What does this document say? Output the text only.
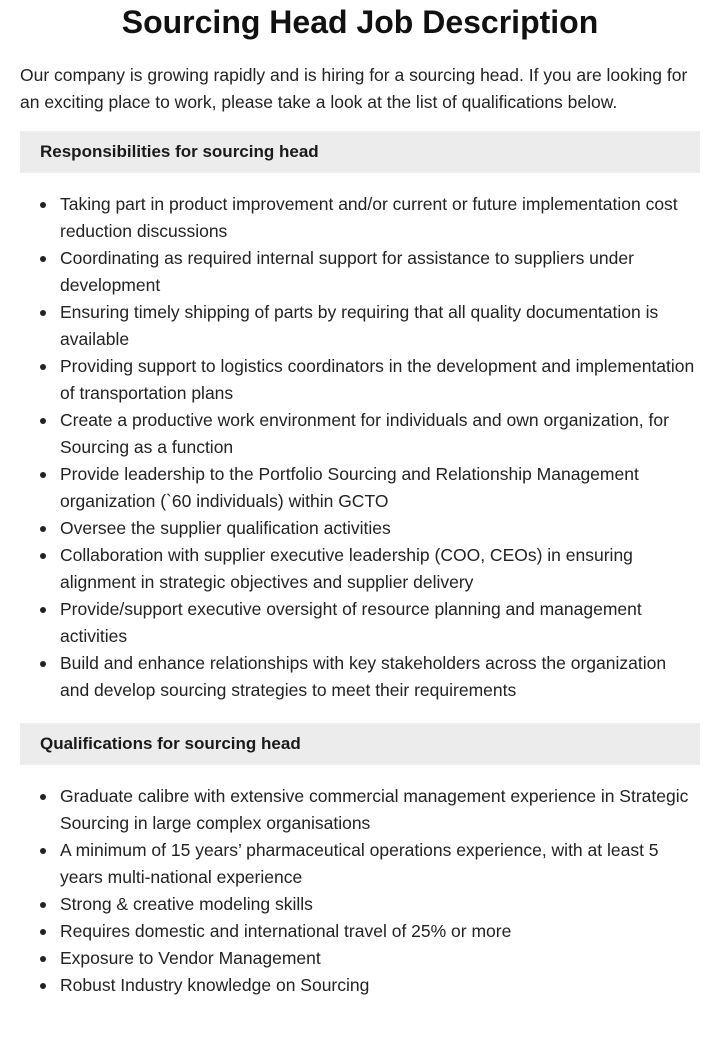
Sourcing Head Job Description

Our company is growing rapidly and is hiring for a sourcing head. If you are looking for an exciting place to work, please take a look at the list of qualifications below.

Responsibilities for sourcing head
Taking part in product improvement and/or current or future implementation cost reduction discussions
Coordinating as required internal support for assistance to suppliers under development
Ensuring timely shipping of parts by requiring that all quality documentation is available
Providing support to logistics coordinators in the development and implementation of transportation plans
Create a productive work environment for individuals and own organization, for Sourcing as a function
Provide leadership to the Portfolio Sourcing and Relationship Management organization (`60 individuals) within GCTO
Oversee the supplier qualification activities
Collaboration with supplier executive leadership (COO, CEOs) in ensuring alignment in strategic objectives and supplier delivery
Provide/support executive oversight of resource planning and management activities
Build and enhance relationships with key stakeholders across the organization and develop sourcing strategies to meet their requirements
Qualifications for sourcing head
Graduate calibre with extensive commercial management experience in Strategic Sourcing in large complex organisations
A minimum of 15 years’ pharmaceutical operations experience, with at least 5 years multi-national experience
Strong & creative modeling skills
Requires domestic and international travel of 25% or more
Exposure to Vendor Management
Robust Industry knowledge on Sourcing
